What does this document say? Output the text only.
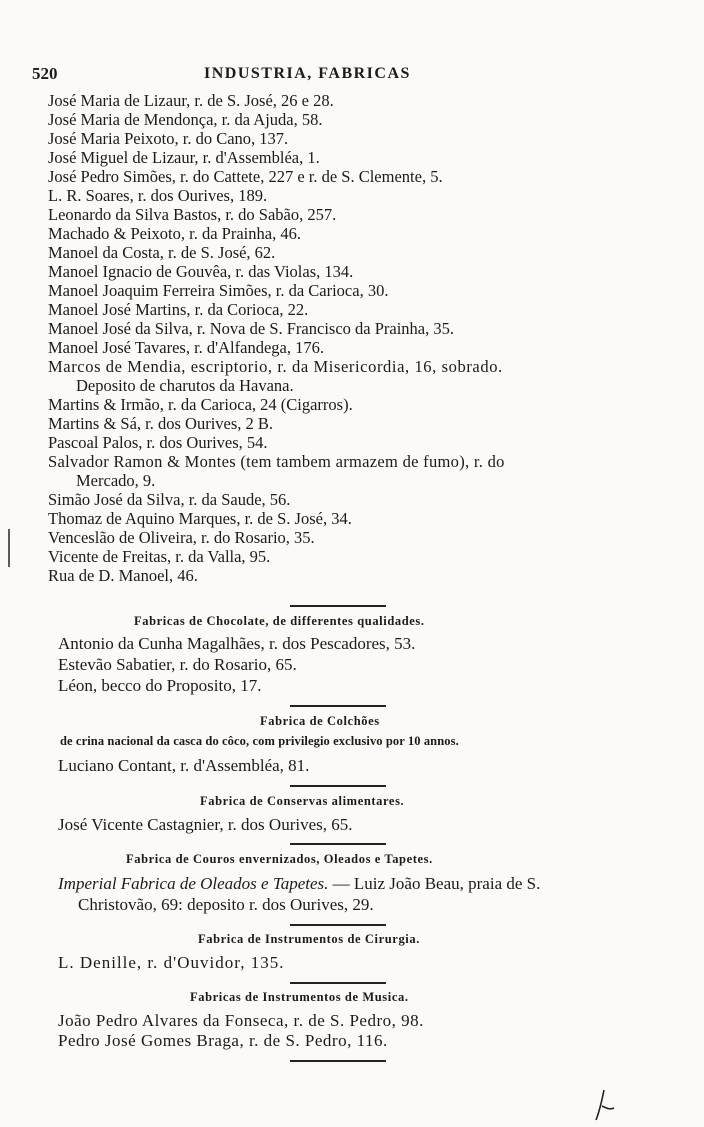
520	INDUSTRIA, FABRICAS
José Maria de Lizaur, r. de S. José, 26 e 28.
José Maria de Mendonça, r. da Ajuda, 58.
José Maria Peixoto, r. do Cano, 137.
José Miguel de Lizaur, r. d'Assembléa, 1.
José Pedro Simões, r. do Cattete, 227 e r. de S. Clemente, 5.
L. R. Soares, r. dos Ourives, 189.
Leonardo da Silva Bastos, r. do Sabão, 257.
Machado & Peixoto, r. da Prainha, 46.
Manoel da Costa, r. de S. José, 62.
Manoel Ignacio de Gouvêa, r. das Violas, 134.
Manoel Joaquim Ferreira Simões, r. da Carioca, 30.
Manoel José Martins, r. da Corioca, 22.
Manoel José da Silva, r. Nova de S. Francisco da Prainha, 35.
Manoel José Tavares, r. d'Alfandega, 176.
Marcos de Mendia, escriptorio, r. da Misericordia, 16, sobrado.
Deposito de charutos da Havana.
Martins & Irmão, r. da Carioca, 24 (Cigarros).
Martins & Sá, r. dos Ourives, 2 B.
Pascoal Palos, r. dos Ourives, 54.
Salvador Ramon & Montes (tem tambem armazem de fumo), r. do
Mercado, 9.
Simão José da Silva, r. da Saude, 56.
Thomaz de Aquino Marques, r. de S. José, 34.
Venceslão de Oliveira, r. do Rosario, 35.
Vicente de Freitas, r. da Valla, 95.
Rua de D. Manoel, 46.
Fabricas de Chocolate, de differentes qualidades.
Antonio da Cunha Magalhães, r. dos Pescadores, 53.
Estevão Sabatier, r. do Rosario, 65.
Léon, becco do Proposito, 17.
Fabrica de Colchões
de crina nacional da casca do côco, com privilegio exclusivo por 10 annos.
Luciano Contant, r. d'Assembléa, 81.
Fabrica de Conservas alimentares.
José Vicente Castagnier, r. dos Ourives, 65.
Fabrica de Couros envernizados, Oleados e Tapetes.
Imperial Fabrica de Oleados e Tapetes. — Luiz João Beau, praia de S.
Christovão, 69: deposito r. dos Ourives, 29.
Fabrica de Instrumentos de Cirurgia.
L. Denille, r. d'Ouvidor, 135.
Fabricas de Instrumentos de Musica.
João Pedro Alvares da Fonseca, r. de S. Pedro, 98.
Pedro José Gomes Braga, r. de S. Pedro, 116.
